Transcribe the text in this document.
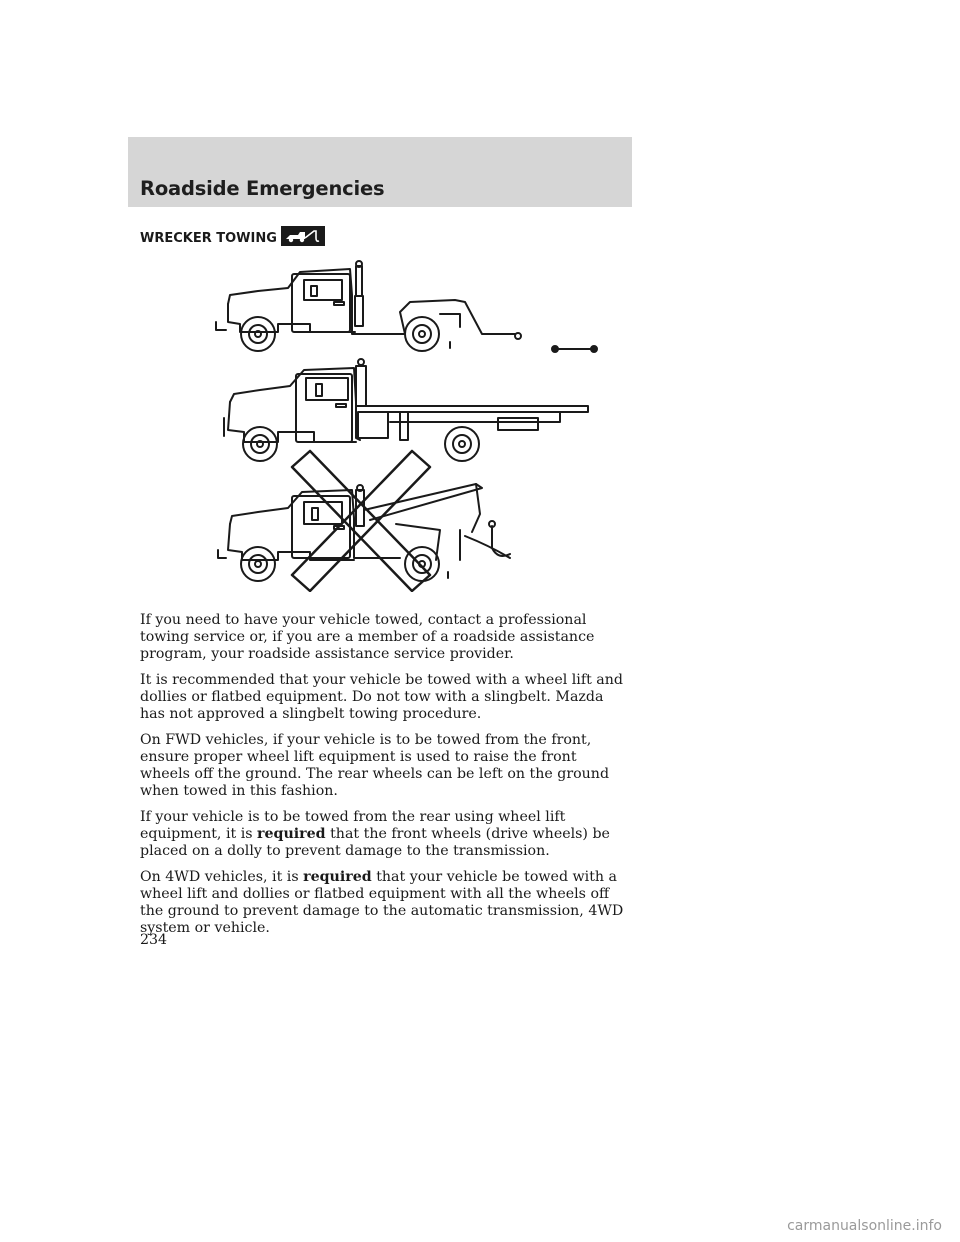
Roadside Emergencies
WRECKER TOWING

If you need to have your vehicle towed, contact a professional towing service or, if you are a member of a roadside assistance program, your roadside assistance service provider.

It is recommended that your vehicle be towed with a wheel lift and dollies or flatbed equipment. Do not tow with a slingbelt. Mazda has not approved a slingbelt towing procedure.

On FWD vehicles, if your vehicle is to be towed from the front, ensure proper wheel lift equipment is used to raise the front wheels off the ground. The rear wheels can be left on the ground when towed in this fashion.

If your vehicle is to be towed from the rear using wheel lift equipment, it is required that the front wheels (drive wheels) be placed on a dolly to prevent damage to the transmission.

On 4WD vehicles, it is required that your vehicle be towed with a wheel lift and dollies or flatbed equipment with all the wheels off the ground to prevent damage to the automatic transmission, 4WD system or vehicle.

234
carmanualsonline.info
